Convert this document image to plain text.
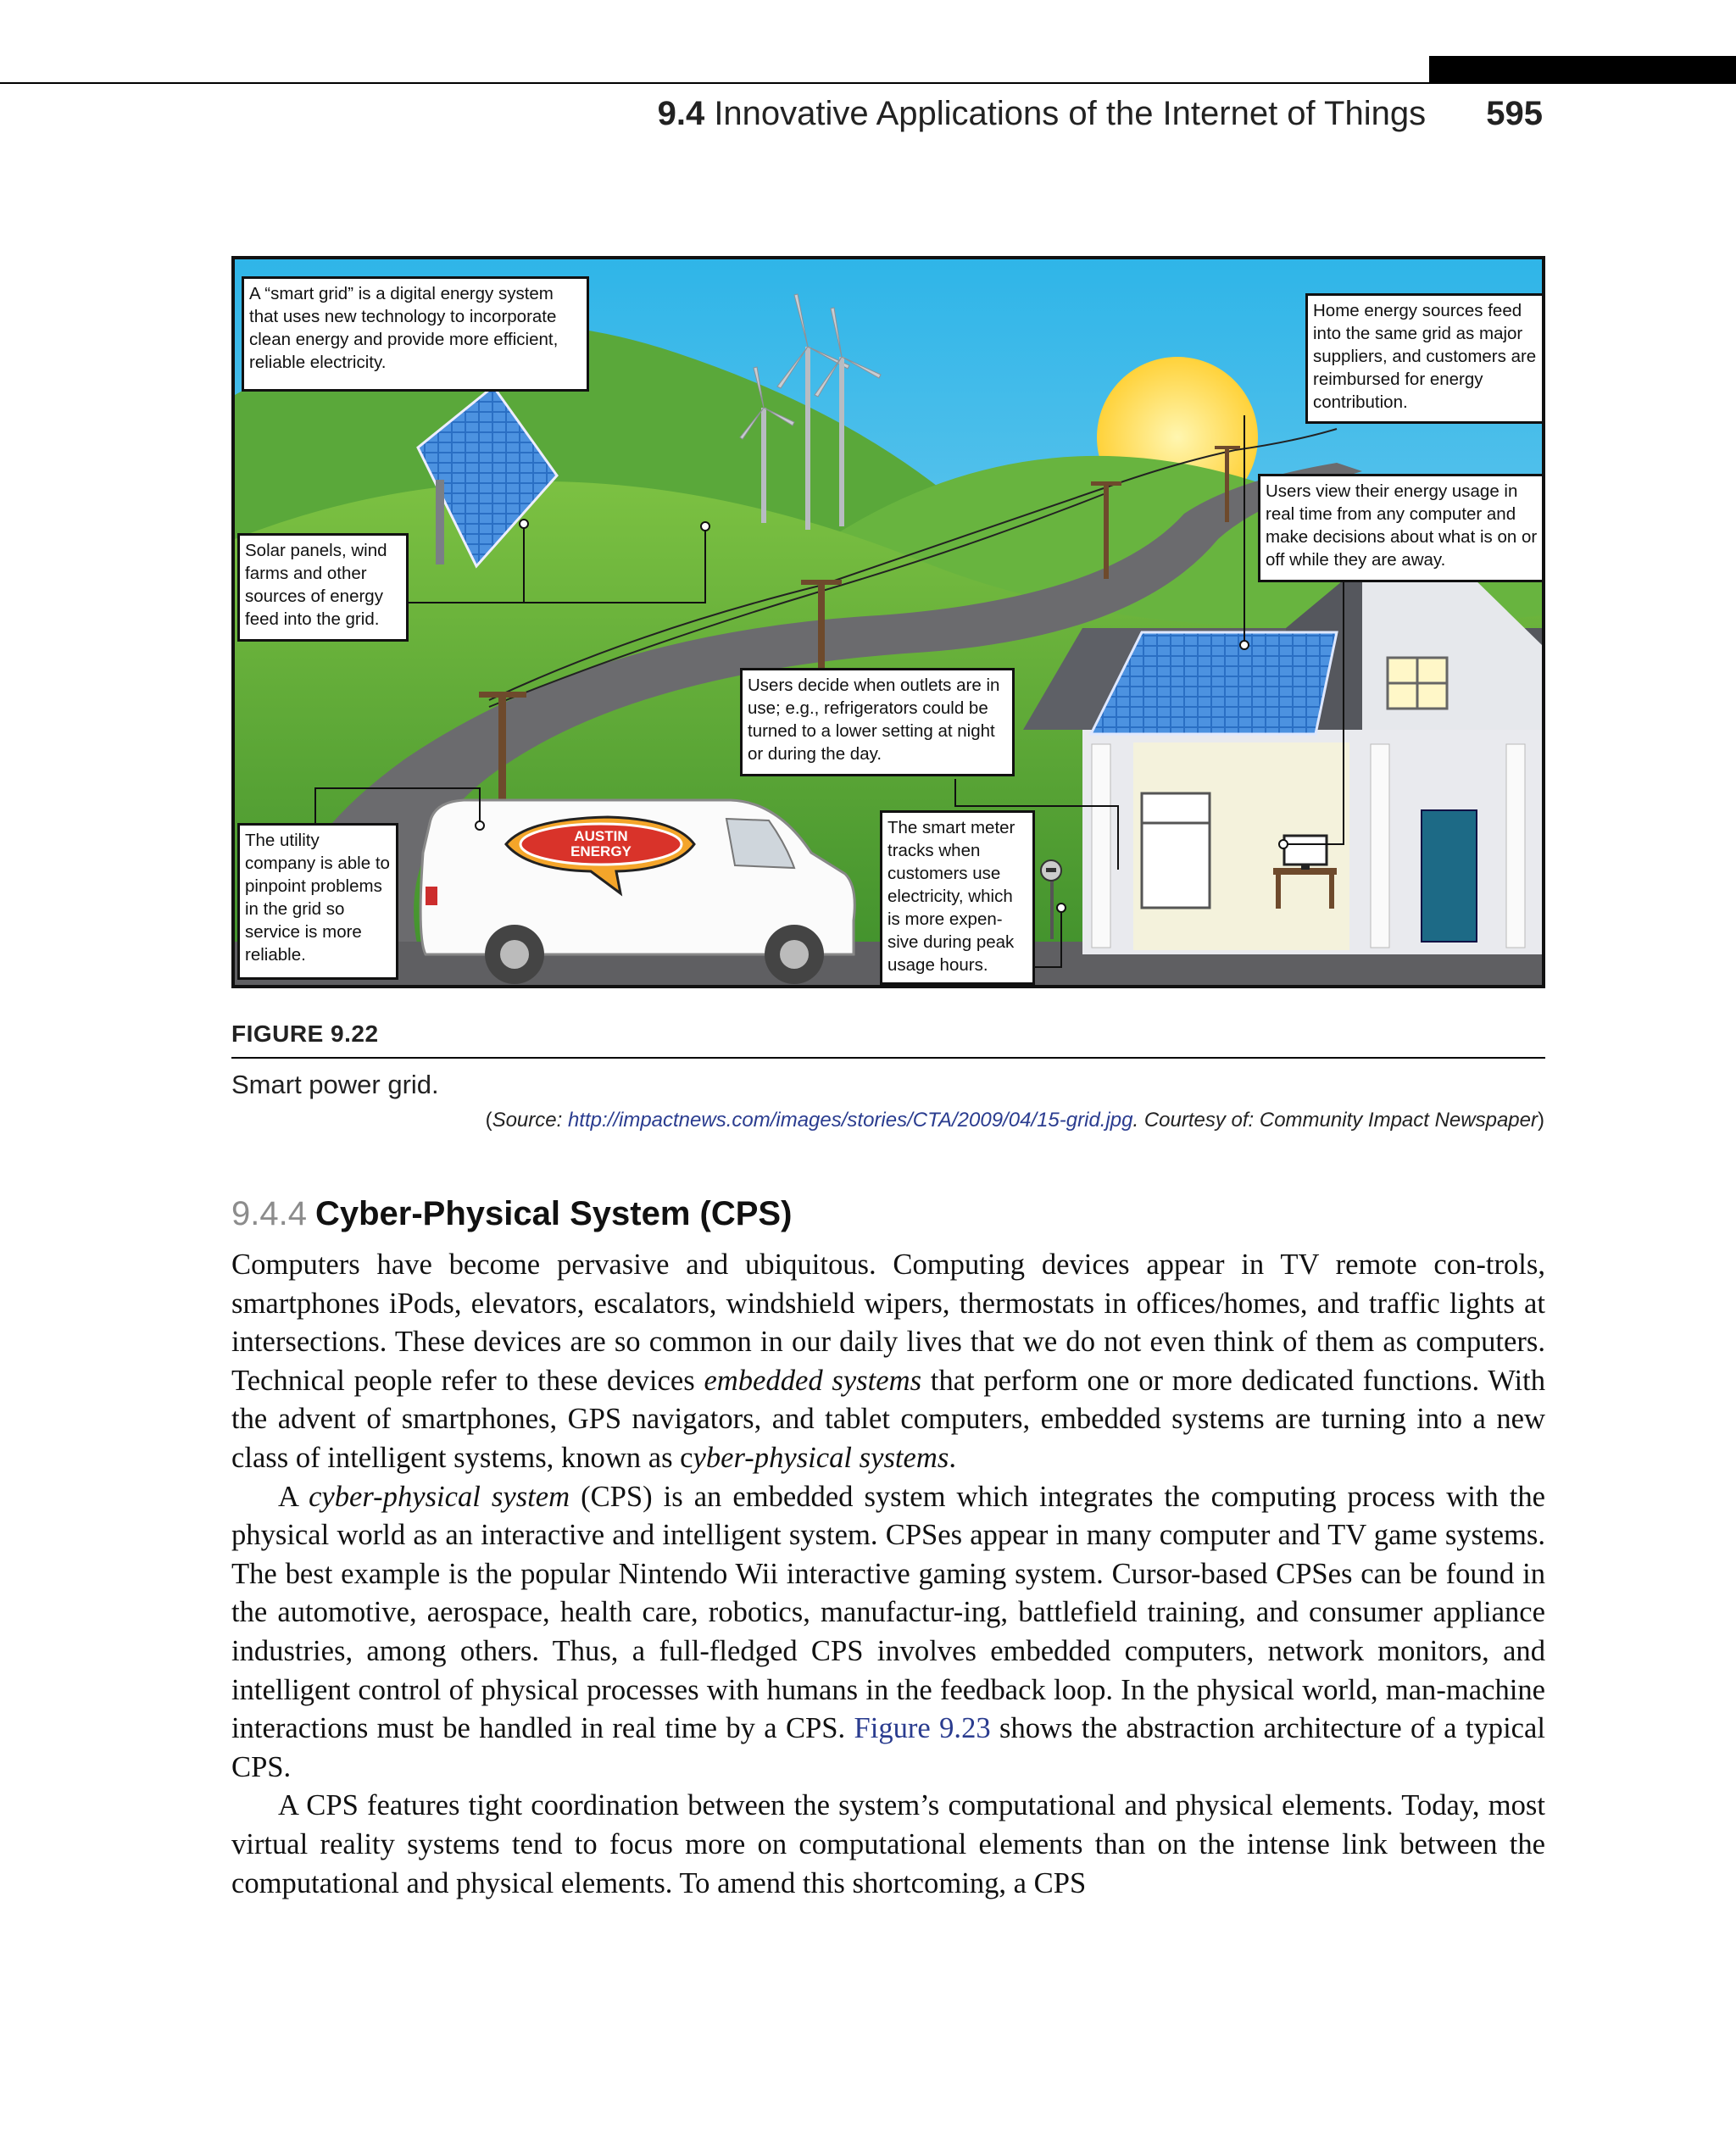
9.4 Innovative Applications of the Internet of Things 595
AUSTIN
ENERGY
A “smart grid” is a digital energy system that uses new technology to incorporate clean energy and provide more efficient, reliable electricity.
Home energy sources feed into the same grid as major suppliers, and customers are reimbursed for energy contribution.
Users view their energy usage in real time from any computer and make decisions about what is on or off while they are away.
Solar panels, wind farms and other sources of energy feed into the grid.
Users decide when outlets are in use; e.g., refrigerators could be turned to a lower setting at night or during the day.
The utility company is able to pinpoint problems in the grid so service is more reliable.
The smart meter tracks when customers use electricity, which is more expen-sive during peak usage hours.
FIGURE 9.22
Smart power grid.
(Source: http://impactnews.com/images/stories/CTA/2009/04/15-grid.jpg. Courtesy of: Community Impact Newspaper)
9.4.4 Cyber-Physical System (CPS)

Computers have become pervasive and ubiquitous. Computing devices appear in TV remote con-trols, smartphones iPods, elevators, escalators, windshield wipers, thermostats in offices/homes, and traffic lights at intersections. These devices are so common in our daily lives that we do not even think of them as computers. Technical people refer to these devices embedded systems that perform one or more dedicated functions. With the advent of smartphones, GPS navigators, and tablet computers, embedded systems are turning into a new class of intelligent systems, known as cyber-physical systems.

A cyber-physical system (CPS) is an embedded system which integrates the computing process with the physical world as an interactive and intelligent system. CPSes appear in many computer and TV game systems. The best example is the popular Nintendo Wii interactive gaming system. Cursor-based CPSes can be found in the automotive, aerospace, health care, robotics, manufactur-ing, battlefield training, and consumer appliance industries, among others. Thus, a full-fledged CPS involves embedded computers, network monitors, and intelligent control of physical processes with humans in the feedback loop. In the physical world, man-machine interactions must be handled in real time by a CPS. Figure 9.23 shows the abstraction architecture of a typical CPS.

A CPS features tight coordination between the system’s computational and physical elements. Today, most virtual reality systems tend to focus more on computational elements than on the intense link between the computational and physical elements. To amend this shortcoming, a CPS
